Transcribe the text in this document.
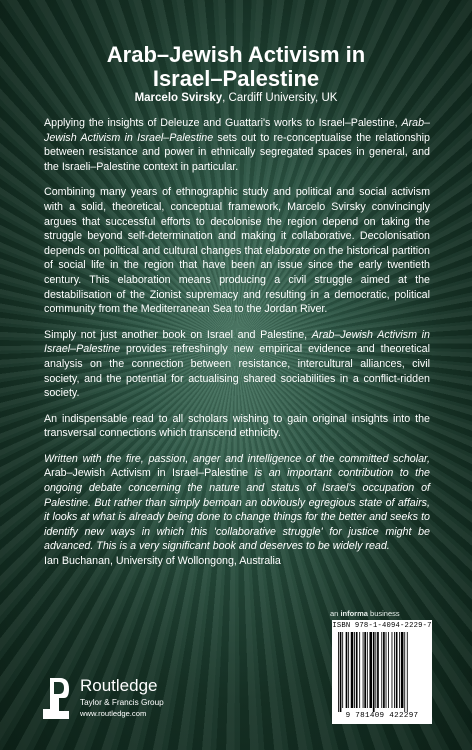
Arab–Jewish Activism in
Israel–Palestine
Marcelo Svirsky, Cardiff University, UK

Applying the insights of Deleuze and Guattari's works to Israel–Palestine, Arab–Jewish Activism in Israel–Palestine sets out to re-conceptualise the relationship between resistance and power in ethnically segregated spaces in general, and the Israeli–Palestine context in particular.

Combining many years of ethnographic study and political and social activism with a solid, theoretical, conceptual framework, Marcelo Svirsky convincingly argues that successful efforts to decolonise the region depend on taking the struggle beyond self-determination and making it collaborative. Decolonisation depends on political and cultural changes that elaborate on the historical partition of social life in the region that have been an issue since the early twentieth century. This elaboration means producing a civil struggle aimed at the destabilisation of the Zionist supremacy and resulting in a democratic, political community from the Mediterranean Sea to the Jordan River.

Simply not just another book on Israel and Palestine, Arab–Jewish Activism in Israel–Palestine provides refreshingly new empirical evidence and theoretical analysis on the connection between resistance, intercultural alliances, civil society, and the potential for actualising shared sociabilities in a conflict-ridden society.

An indispensable read to all scholars wishing to gain original insights into the transversal connections which transcend ethnicity.

Written with the fire, passion, anger and intelligence of the committed scholar, Arab–Jewish Activism in Israel–Palestine is an important contribution to the ongoing debate concerning the nature and status of Israel's occupation of Palestine. But rather than simply bemoan an obviously egregious state of affairs, it looks at what is already being done to change things for the better and seeks to identify new ways in which this 'collaborative struggle' for justice might be advanced. This is a very significant book and deserves to be widely read.

Ian Buchanan, University of Wollongong, Australia

an informa business
ISBN 978-1-4094-2229-7
9 781409 422297
Routledge
Taylor & Francis Group
www.routledge.com
